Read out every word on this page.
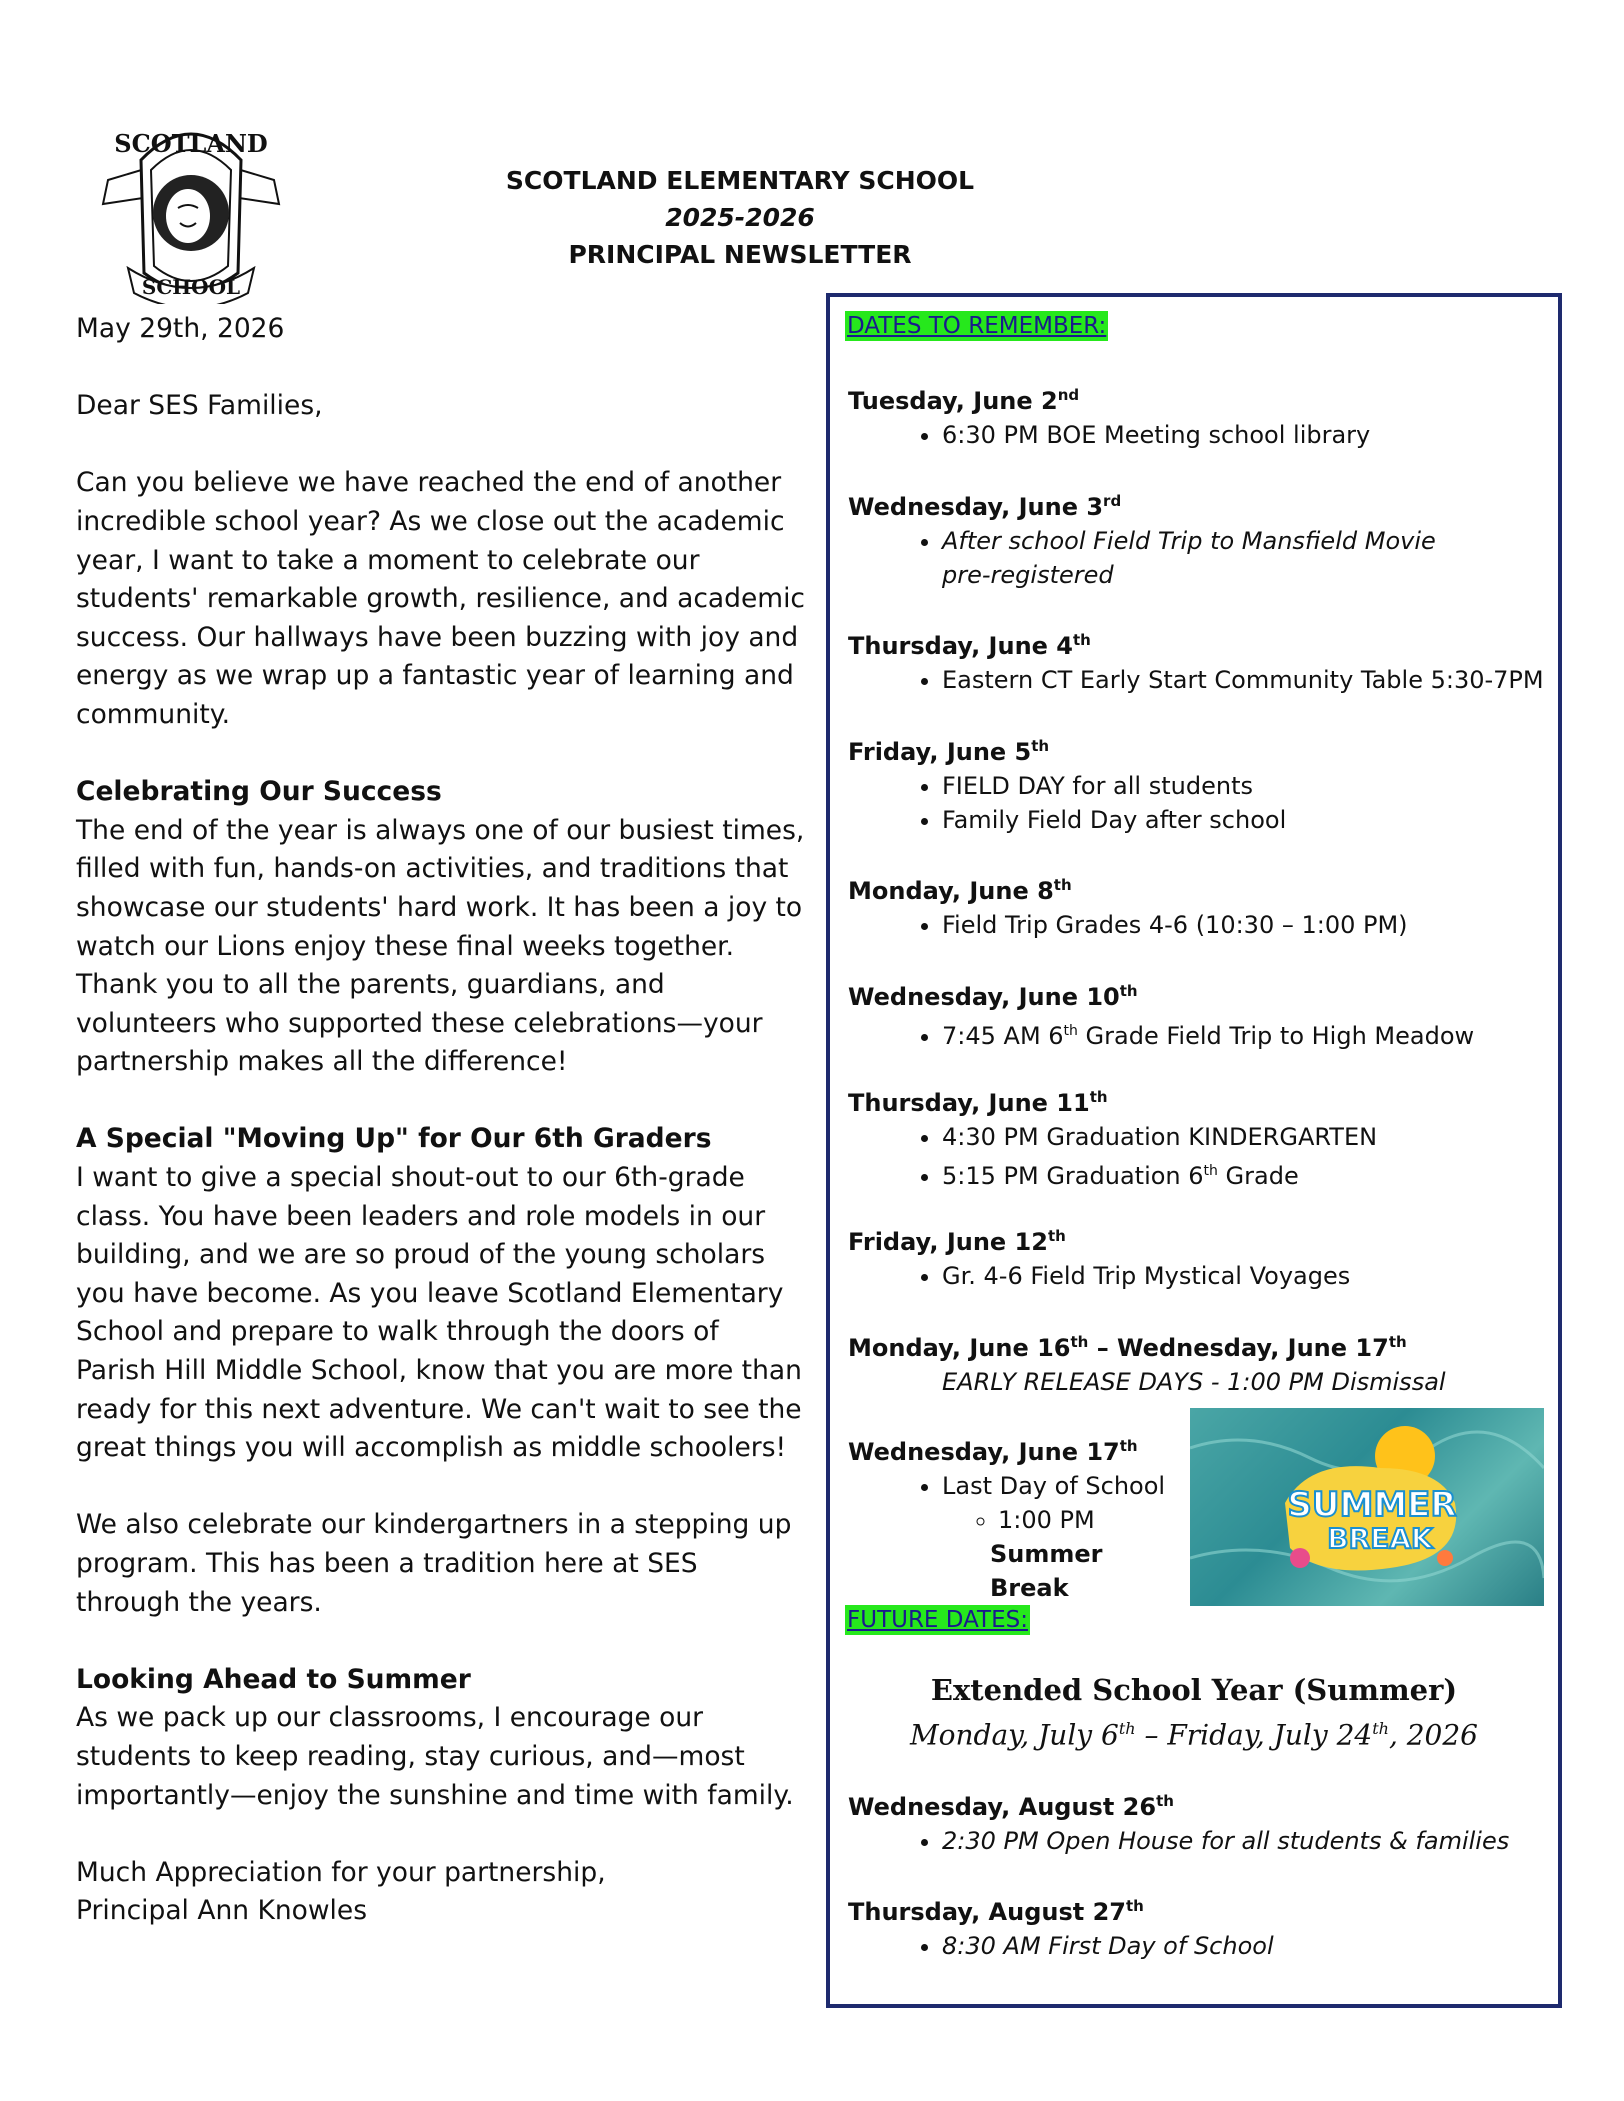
SCOTLAND
SCHOOL
SCOTLAND ELEMENTARY SCHOOL
2025-2026
PRINCIPAL NEWSLETTER

May 29th, 2026

Dear SES Families,

Can you believe we have reached the end of another incredible school year? As we close out the academic year, I want to take a moment to celebrate our students' remarkable growth, resilience, and academic success. Our hallways have been buzzing with joy and energy as we wrap up a fantastic year of learning and community.

Celebrating Our Success

The end of the year is always one of our busiest times, filled with fun, hands-on activities, and traditions that showcase our students' hard work. It has been a joy to watch our Lions enjoy these final weeks together. Thank you to all the parents, guardians, and volunteers who supported these celebrations—your partnership makes all the difference!

A Special "Moving Up" for Our 6th Graders

I want to give a special shout-out to our 6th-grade class. You have been leaders and role models in our building, and we are so proud of the young scholars you have become. As you leave Scotland Elementary School and prepare to walk through the doors of Parish Hill Middle School, know that you are more than ready for this next adventure. We can't wait to see the great things you will accomplish as middle schoolers!

We also celebrate our kindergartners in a stepping up program. This has been a tradition here at SES through the years.

Looking Ahead to Summer

As we pack up our classrooms, I encourage our students to keep reading, stay curious, and—most importantly—enjoy the sunshine and time with family.

Much Appreciation for your partnership,
Principal Ann Knowles
DATES TO REMEMBER:
Tuesday, June 2nd
• 6:30 PM BOE Meeting school library
Wednesday, June 3rd
• After school Field Trip to Mansfield Movie pre-registered
Thursday, June 4th
• Eastern CT Early Start Community Table 5:30-7PM
Friday, June 5th
• FIELD DAY for all students
• Family Field Day after school
Monday, June 8th
• Field Trip Grades 4-6 (10:30 – 1:00 PM)
Wednesday, June 10th
• 7:45 AM 6th Grade Field Trip to High Meadow
Thursday, June 11th
• 4:30 PM Graduation KINDERGARTEN
• 5:15 PM Graduation 6th Grade
Friday, June 12th
• Gr. 4-6 Field Trip Mystical Voyages
Monday, June 16th – Wednesday, June 17th
EARLY RELEASE DAYS - 1:00 PM Dismissal
Wednesday, June 17th
• Last Day of School
◦ 1:00 PM
Summer Break
SUMMER
BREAK
FUTURE DATES:
Extended School Year (Summer)
Monday, July 6th – Friday, July 24th, 2026
Wednesday, August 26th
• 2:30 PM Open House for all students & families
Thursday, August 27th
• 8:30 AM First Day of School
